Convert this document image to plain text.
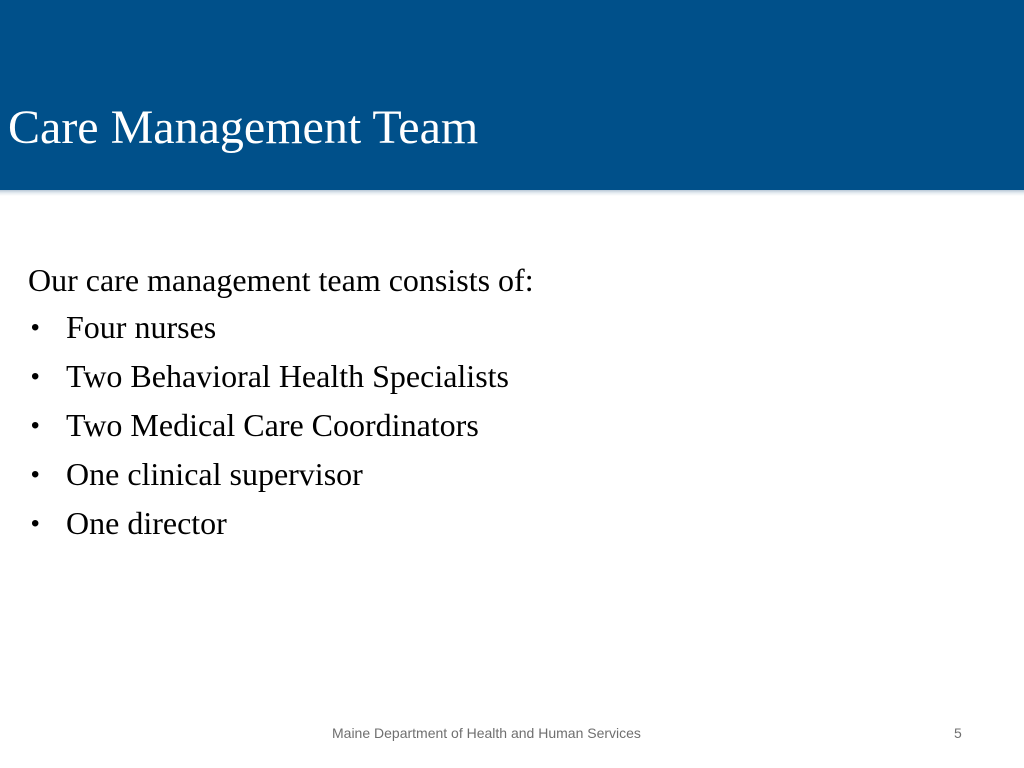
Care Management Team

Our care management team consists of:

• Four nurses
• Two Behavioral Health Specialists
• Two Medical Care Coordinators
• One clinical supervisor
• One director
Maine Department of Health and Human Services	5
